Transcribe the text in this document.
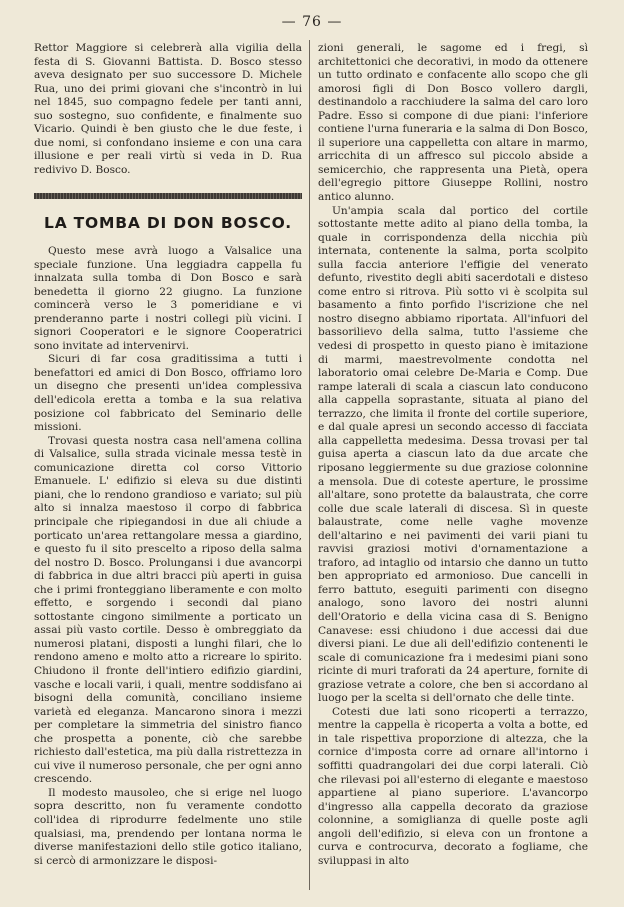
— 76 —

Rettor Maggiore si celebrerà alla vigilia della festa di S. Giovanni Battista. D. Bosco stesso aveva designato per suo successore D. Michele Rua, uno dei primi giovani che s'incontrò in lui nel 1845, suo compagno fedele per tanti anni, suo sostegno, suo confidente, e finalmente suo Vicario. Quindi è ben giusto che le due feste, i due nomi, si confondano insieme e con una cara illusione e per reali virtù si veda in D. Rua redivivo D. Bosco.

LA TOMBA DI DON BOSCO.

Questo mese avrà luogo a Valsalice una speciale funzione. Una leggiadra cappella fu innalzata sulla tomba di Don Bosco e sarà benedetta il giorno 22 giugno. La funzione comincerà verso le 3 pomeridiane e vi prenderanno parte i nostri collegi più vicini. I signori Cooperatori e le signore Cooperatrici sono invitate ad intervenirvi.

Sicuri di far cosa graditissima a tutti i benefattori ed amici di Don Bosco, offriamo loro un disegno che presenti un'idea complessiva dell'edicola eretta a tomba e la sua relativa posizione col fabbricato del Seminario delle missioni.

Trovasi questa nostra casa nell'amena collina di Valsalice, sulla strada vicinale messa testè in comunicazione diretta col corso Vittorio Emanuele. L' edifizio si eleva su due distinti piani, che lo rendono grandioso e variato; sul più alto si innalza maestoso il corpo di fabbrica principale che ripiegandosi in due ali chiude a porticato un'area rettangolare messa a giardino, e questo fu il sito prescelto a riposo della salma del nostro D. Bosco. Prolungansi i due avancorpi di fabbrica in due altri bracci più aperti in guisa che i primi fronteggiano liberamente e con molto effetto, e sorgendo i secondi dal piano sottostante cingono similmente a porticato un assai più vasto cortile. Desso è ombreggiato da numerosi platani, disposti a lunghi filari, che lo rendono ameno e molto atto a ricreare lo spirito. Chiudono il fronte dell'intiero edifizio giardini, vasche e locali varii, i quali, mentre soddisfano ai bisogni della comunità, conciliano insieme varietà ed eleganza. Mancarono sinora i mezzi per completare la simmetria del sinistro fianco che prospetta a ponente, ciò che sarebbe richiesto dall'estetica, ma più dalla ristrettezza in cui vive il numeroso personale, che per ogni anno crescendo.

Il modesto mausoleo, che si erige nel luogo sopra descritto, non fu veramente condotto coll'idea di riprodurre fedelmente uno stile qualsiasi, ma, prendendo per lontana norma le diverse manifestazioni dello stile gotico italiano, si cercò di armonizzare le disposi-

zioni generali, le sagome ed i fregi, sì architettonici che decorativi, in modo da ottenere un tutto ordinato e confacente allo scopo che gli amorosi figli di Don Bosco vollero dargli, destinandolo a racchiudere la salma del caro loro Padre. Esso si compone di due piani: l'inferiore contiene l'urna funeraria e la salma di Don Bosco, il superiore una cappelletta con altare in marmo, arricchita di un affresco sul piccolo abside a semicerchio, che rappresenta una Pietà, opera dell'egregio pittore Giuseppe Rollini, nostro antico alunno.

Un'ampia scala dal portico del cortile sottostante mette adito al piano della tomba, la quale in corrispondenza della nicchia più internata, contenente la salma, porta scolpito sulla faccia anteriore l'effigie del venerato defunto, rivestito degli abiti sacerdotali e disteso come entro si ritrova. Più sotto vi è scolpita sul basamento a finto porfido l'iscrizione che nel nostro disegno abbiamo riportata. All'infuori del bassorilievo della salma, tutto l'assieme che vedesi di prospetto in questo piano è imitazione di marmi, maestrevolmente condotta nel laboratorio omai celebre De-Maria e Comp. Due rampe laterali di scala a ciascun lato conducono alla cappella soprastante, situata al piano del terrazzo, che limita il fronte del cortile superiore, e dal quale apresi un secondo accesso di facciata alla cappelletta medesima. Dessa trovasi per tal guisa aperta a ciascun lato da due arcate che riposano leggiermente su due graziose colonnine a mensola. Due di coteste aperture, le prossime all'altare, sono protette da balaustrata, che corre colle due scale laterali di discesa. Sì in queste balaustrate, come nelle vaghe movenze dell'altarino e nei pavimenti dei varii piani tu ravvisi graziosi motivi d'ornamentazione a traforo, ad intaglio od intarsio che danno un tutto ben appropriato ed armonioso. Due cancelli in ferro battuto, eseguiti parimenti con disegno analogo, sono lavoro dei nostri alunni dell'Oratorio e della vicina casa di S. Benigno Canavese: essi chiudono i due accessi dai due diversi piani. Le due ali dell'edifizio contenenti le scale di comunicazione fra i medesimi piani sono ricinte di muri traforati da 24 aperture, fornite di graziose vetrate a colore, che ben si accordano al luogo per la scelta si dell'ornato che delle tinte.

Cotesti due lati sono ricoperti a terrazzo, mentre la cappella è ricoperta a volta a botte, ed in tale rispettiva proporzione di altezza, che la cornice d'imposta corre ad ornare all'intorno i soffitti quadrangolari dei due corpi laterali. Ciò che rilevasi poi all'esterno di elegante e maestoso appartiene al piano superiore. L'avancorpo d'ingresso alla cappella decorato da graziose colonnine, a somiglianza di quelle poste agli angoli dell'edifizio, si eleva con un frontone a curva e controcurva, decorato a fogliame, che sviluppasi in alto
